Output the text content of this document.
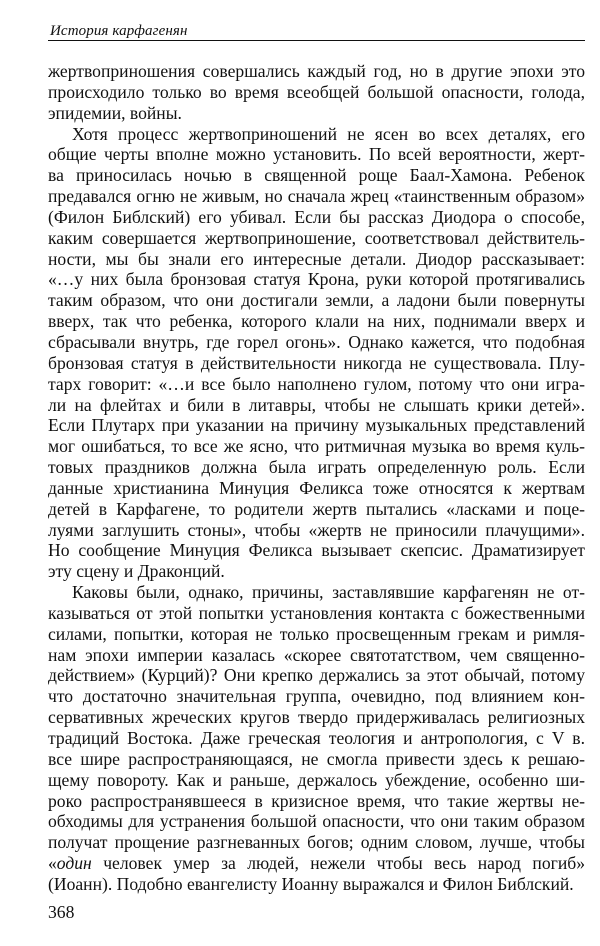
История карфагенян
жертвоприношения совершались каждый год, но в другие эпохи это
происходило только во время всеобщей большой опасности, голода,
эпидемии, войны.
Хотя процесс жертвоприношений не ясен во всех деталях, его
общие черты вполне можно установить. По всей вероятности, жерт-
ва приносилась ночью в священной роще Баал-Хамона. Ребенок
предавался огню не живым, но сначала жрец «таинственным образом»
(Филон Библский) его убивал. Если бы рассказ Диодора о способе,
каким совершается жертвоприношение, соответствовал действитель-
ности, мы бы знали его интересные детали. Диодор рассказывает:
«…у них была бронзовая статуя Крона, руки которой протягивались
таким образом, что они достигали земли, а ладони были повернуты
вверх, так что ребенка, которого клали на них, поднимали вверх и
сбрасывали внутрь, где горел огонь». Однако кажется, что подобная
бронзовая статуя в действительности никогда не существовала. Плу-
тарх говорит: «…и все было наполнено гулом, потому что они игра-
ли на флейтах и били в литавры, чтобы не слышать крики детей».
Если Плутарх при указании на причину музыкальных представлений
мог ошибаться, то все же ясно, что ритмичная музыка во время куль-
товых праздников должна была играть определенную роль. Если
данные христианина Минуция Феликса тоже относятся к жертвам
детей в Карфагене, то родители жертв пытались «ласками и поце-
луями заглушить стоны», чтобы «жертв не приносили плачущими».
Но сообщение Минуция Феликса вызывает скепсис. Драматизирует
эту сцену и Драконций.
Каковы были, однако, причины, заставлявшие карфагенян не от-
казываться от этой попытки установления контакта с божественными
силами, попытки, которая не только просвещенным грекам и римля-
нам эпохи империи казалась «скорее святотатством, чем священно-
действием» (Курций)? Они крепко держались за этот обычай, потому
что достаточно значительная группа, очевидно, под влиянием кон-
сервативных жреческих кругов твердо придерживалась религиозных
традиций Востока. Даже греческая теология и антропология, с V в.
все шире распространяющаяся, не смогла привести здесь к решаю-
щему повороту. Как и раньше, держалось убеждение, особенно ши-
роко распространявшееся в кризисное время, что такие жертвы не-
обходимы для устранения большой опасности, что они таким образом
получат прощение разгневанных богов; одним словом, лучше, чтобы
«один человек умер за людей, нежели чтобы весь народ погиб»
(Иоанн). Подобно евангелисту Иоанну выражался и Филон Библский.
368
